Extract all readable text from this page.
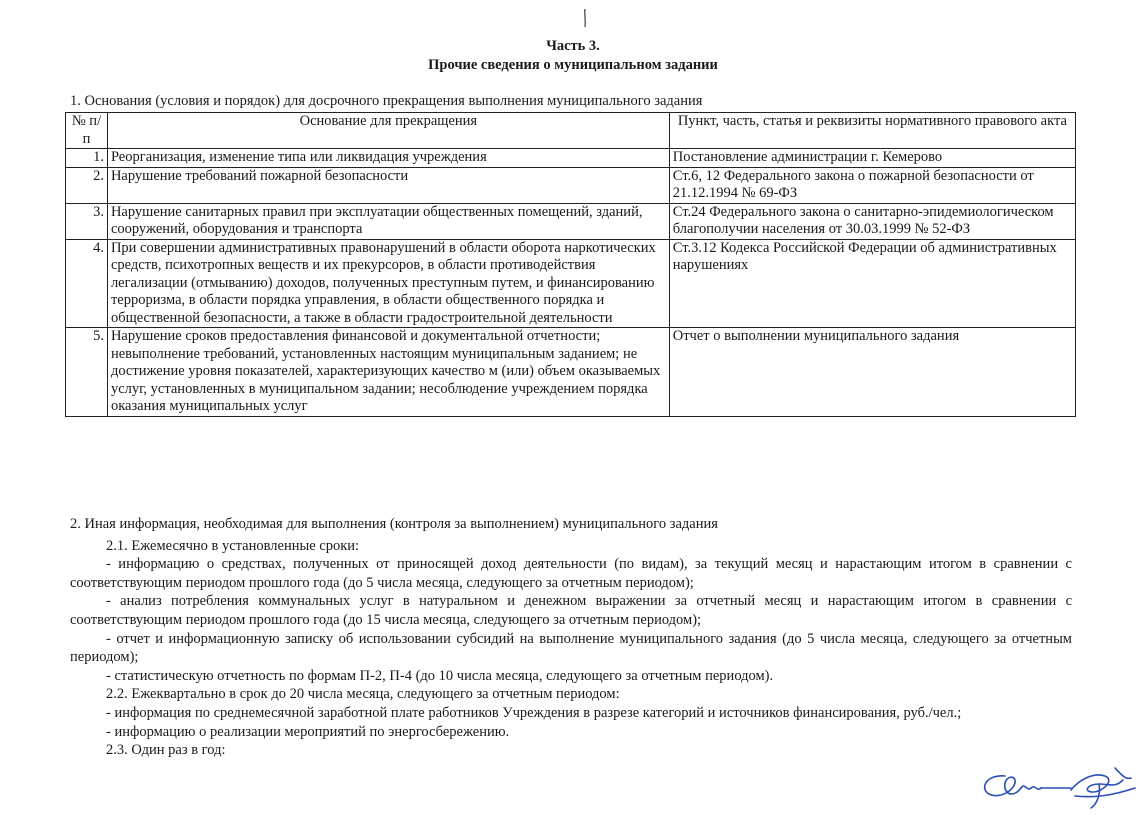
Часть 3.
Прочие сведения о муниципальном задании
1. Основания (условия и порядок) для досрочного прекращения выполнения муниципального задания
№ п/п	Основание для прекращения	Пункт, часть, статья и реквизиты нормативного правового акта
1.	Реорганизация, изменение типа или ликвидация учреждения	Постановление администрации г. Кемерово
2.	Нарушение требований пожарной безопасности	Ст.6, 12 Федерального закона о пожарной безопасности от 21.12.1994 № 69-ФЗ
3.	Нарушение санитарных правил при эксплуатации общественных помещений, зданий, сооружений, оборудования и транспорта	Ст.24 Федерального закона о санитарно-эпидемиологическом благополучии населения от 30.03.1999 № 52-ФЗ
4.	При совершении административных правонарушений в области оборота наркотических средств, психотропных веществ и их прекурсоров, в области противодействия легализации (отмыванию) доходов, полученных преступным путем, и финансированию терроризма, в области порядка управления, в области общественного порядка и общественной безопасности, а также в области градостроительной деятельности	Ст.3.12 Кодекса Российской Федерации об административных нарушениях
5.	Нарушение сроков предоставления финансовой и документальной отчетности; невыполнение требований, установленных настоящим муниципальным заданием; не достижение уровня показателей, характеризующих качество м (или) объем оказываемых услуг, установленных в муниципальном задании; несоблюдение учреждением порядка оказания муниципальных услуг	Отчет о выполнении муниципального задания

2. Иная информация, необходимая для выполнения (контроля за выполнением) муниципального задания

2.1. Ежемесячно в установленные сроки:

- информацию о средствах, полученных от приносящей доход деятельности (по видам), за текущий месяц и нарастающим итогом в сравнении с соответствующим периодом прошлого года (до 5 числа месяца, следующего за отчетным периодом);

- анализ потребления коммунальных услуг в натуральном и денежном выражении за отчетный месяц и нарастающим итогом в сравнении с соответствующим периодом прошлого года (до 15 числа месяца, следующего за отчетным периодом);

- отчет и информационную записку об использовании субсидий на выполнение муниципального задания (до 5 числа месяца, следующего за отчетным периодом);

- статистическую отчетность по формам П-2, П-4 (до 10 числа месяца, следующего за отчетным периодом).

2.2. Ежеквартально в срок до 20 числа месяца, следующего за отчетным периодом:

- информация по среднемесячной заработной плате работников Учреждения в разрезе категорий и источников финансирования, руб./чел.;

- информацию о реализации мероприятий по энергосбережению.

2.3. Один раз в год:
